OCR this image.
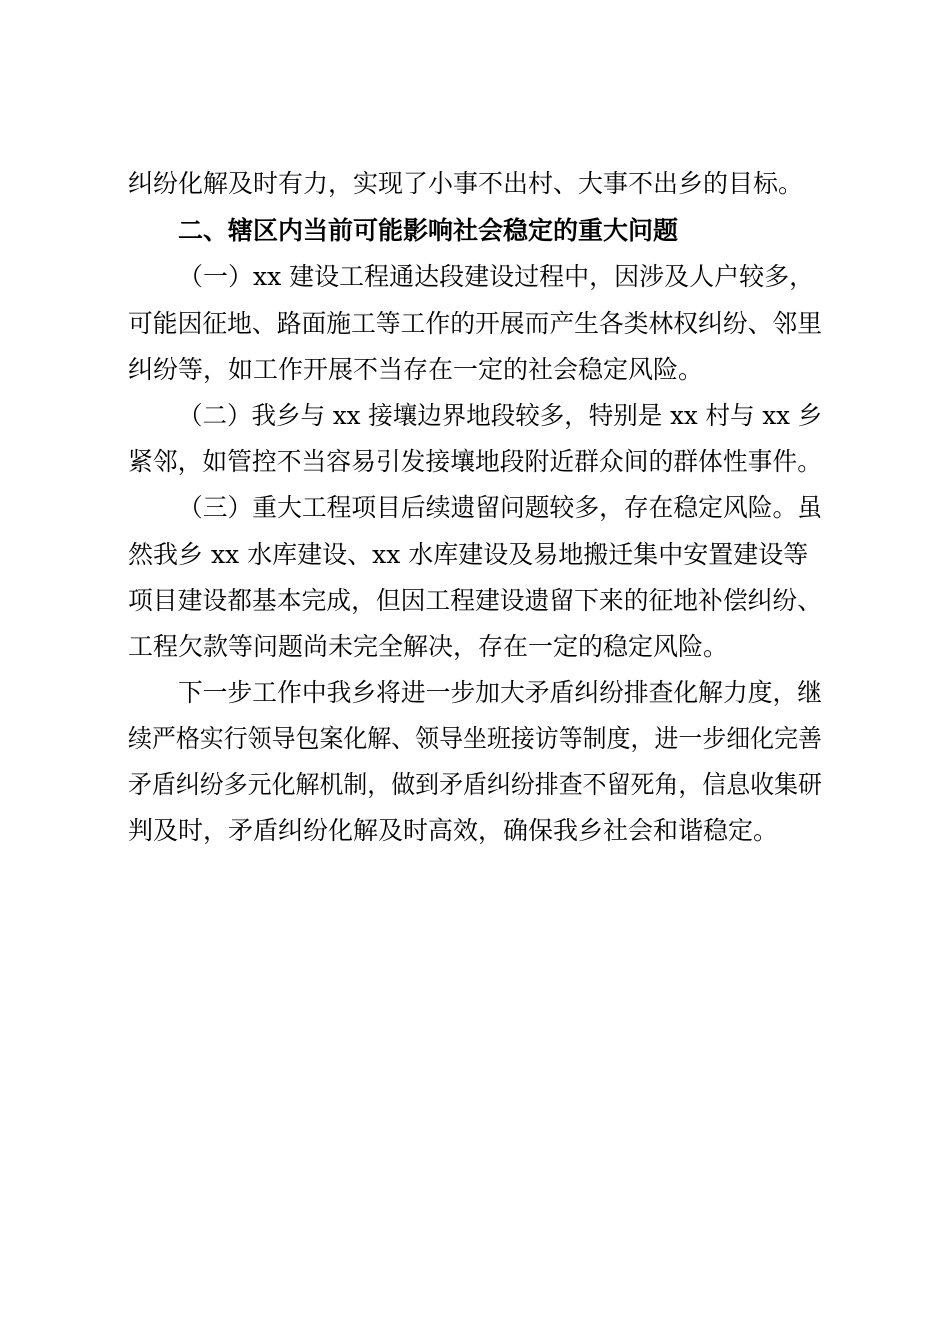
纠纷化解及时有力，实现了小事不出村、大事不出乡的目标。

二、辖区内当前可能影响社会稳定的重大问题

（一）xx 建设工程通达段建设过程中，因涉及人户较多，

可能因征地、路面施工等工作的开展而产生各类林权纠纷、邻里

纠纷等，如工作开展不当存在一定的社会稳定风险。

（二）我乡与 xx 接壤边界地段较多，特别是 xx 村与 xx 乡

紧邻，如管控不当容易引发接壤地段附近群众间的群体性事件。

（三）重大工程项目后续遗留问题较多，存在稳定风险。虽

然我乡 xx 水库建设、xx 水库建设及易地搬迁集中安置建设等

项目建设都基本完成，但因工程建设遗留下来的征地补偿纠纷、

工程欠款等问题尚未完全解决，存在一定的稳定风险。

下一步工作中我乡将进一步加大矛盾纠纷排查化解力度，继

续严格实行领导包案化解、领导坐班接访等制度，进一步细化完善

矛盾纠纷多元化解机制，做到矛盾纠纷排查不留死角，信息收集研

判及时，矛盾纠纷化解及时高效，确保我乡社会和谐稳定。
